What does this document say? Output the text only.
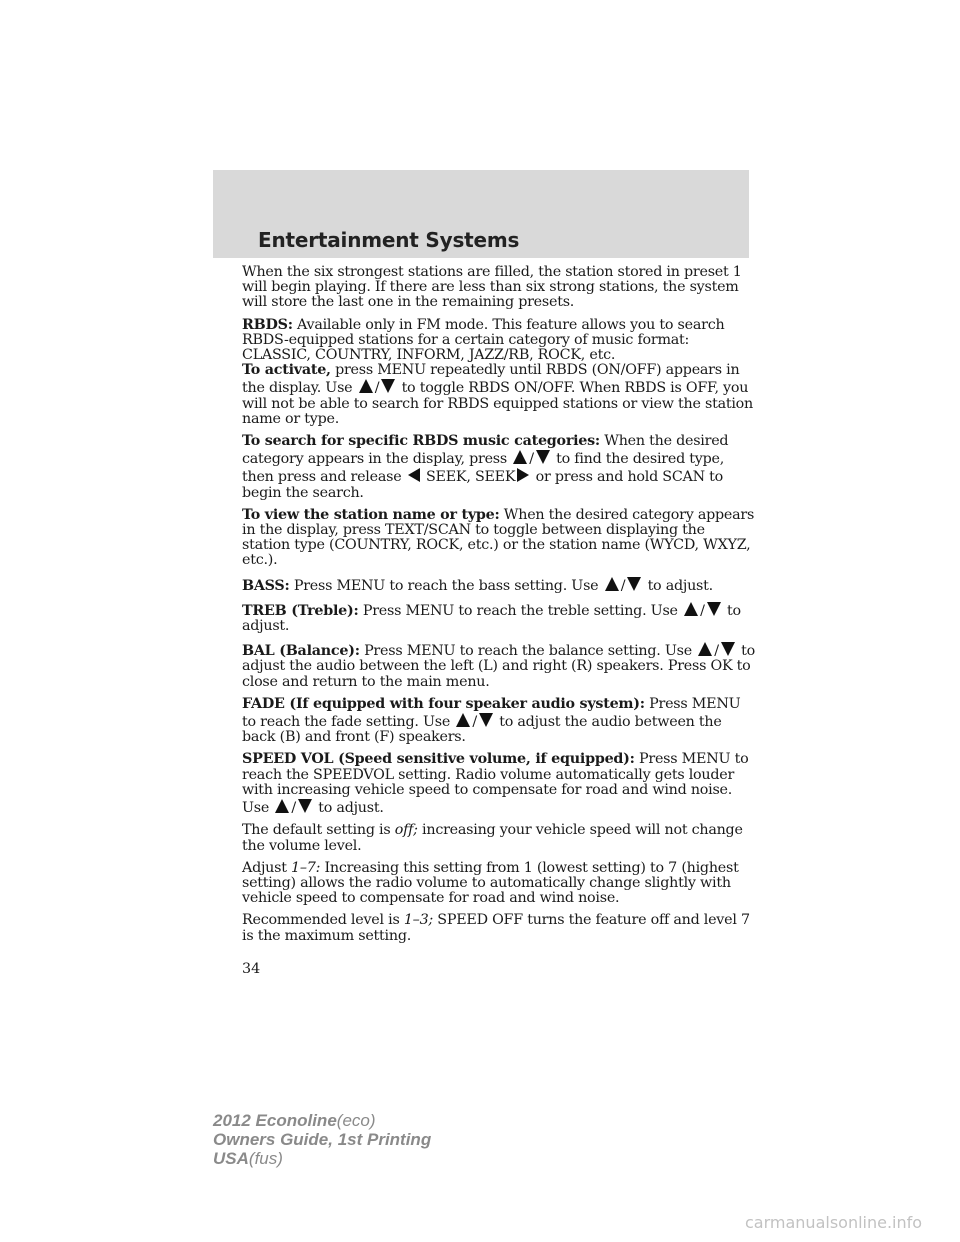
Entertainment Systems

When the six strongest stations are filled, the station stored in preset 1 will begin playing. If there are less than six strong stations, the system will store the last one in the remaining presets.

RBDS: Available only in FM mode. This feature allows you to search RBDS-equipped stations for a certain category of music format: CLASSIC, COUNTRY, INFORM, JAZZ/RB, ROCK, etc.

To activate, press MENU repeatedly until RBDS (ON/OFF) appears in the display. Use / to toggle RBDS ON/OFF. When RBDS is OFF, you will not be able to search for RBDS equipped stations or view the station name or type.

To search for specific RBDS music categories: When the desired category appears in the display, press / to find the desired type, then press and release SEEK, SEEK or press and hold SCAN to begin the search.

To view the station name or type: When the desired category appears in the display, press TEXT/SCAN to toggle between displaying the station type (COUNTRY, ROCK, etc.) or the station name (WYCD, WXYZ, etc.).

BASS: Press MENU to reach the bass setting. Use / to adjust.

TREB (Treble): Press MENU to reach the treble setting. Use / to adjust.

BAL (Balance): Press MENU to reach the balance setting. Use / to adjust the audio between the left (L) and right (R) speakers. Press OK to close and return to the main menu.

FADE (If equipped with four speaker audio system): Press MENU to reach the fade setting. Use / to adjust the audio between the back (B) and front (F) speakers.

SPEED VOL (Speed sensitive volume, if equipped): Press MENU to reach the SPEEDVOL setting. Radio volume automatically gets louder with increasing vehicle speed to compensate for road and wind noise.
Use / to adjust.

The default setting is off; increasing your vehicle speed will not change the volume level.

Adjust 1–7: Increasing this setting from 1 (lowest setting) to 7 (highest setting) allows the radio volume to automatically change slightly with vehicle speed to compensate for road and wind noise.

Recommended level is 1–3; SPEED OFF turns the feature off and level 7 is the maximum setting.

34
2012 Econoline(eco)
Owners Guide, 1st Printing
USA(fus)
carmanualsonline.info
